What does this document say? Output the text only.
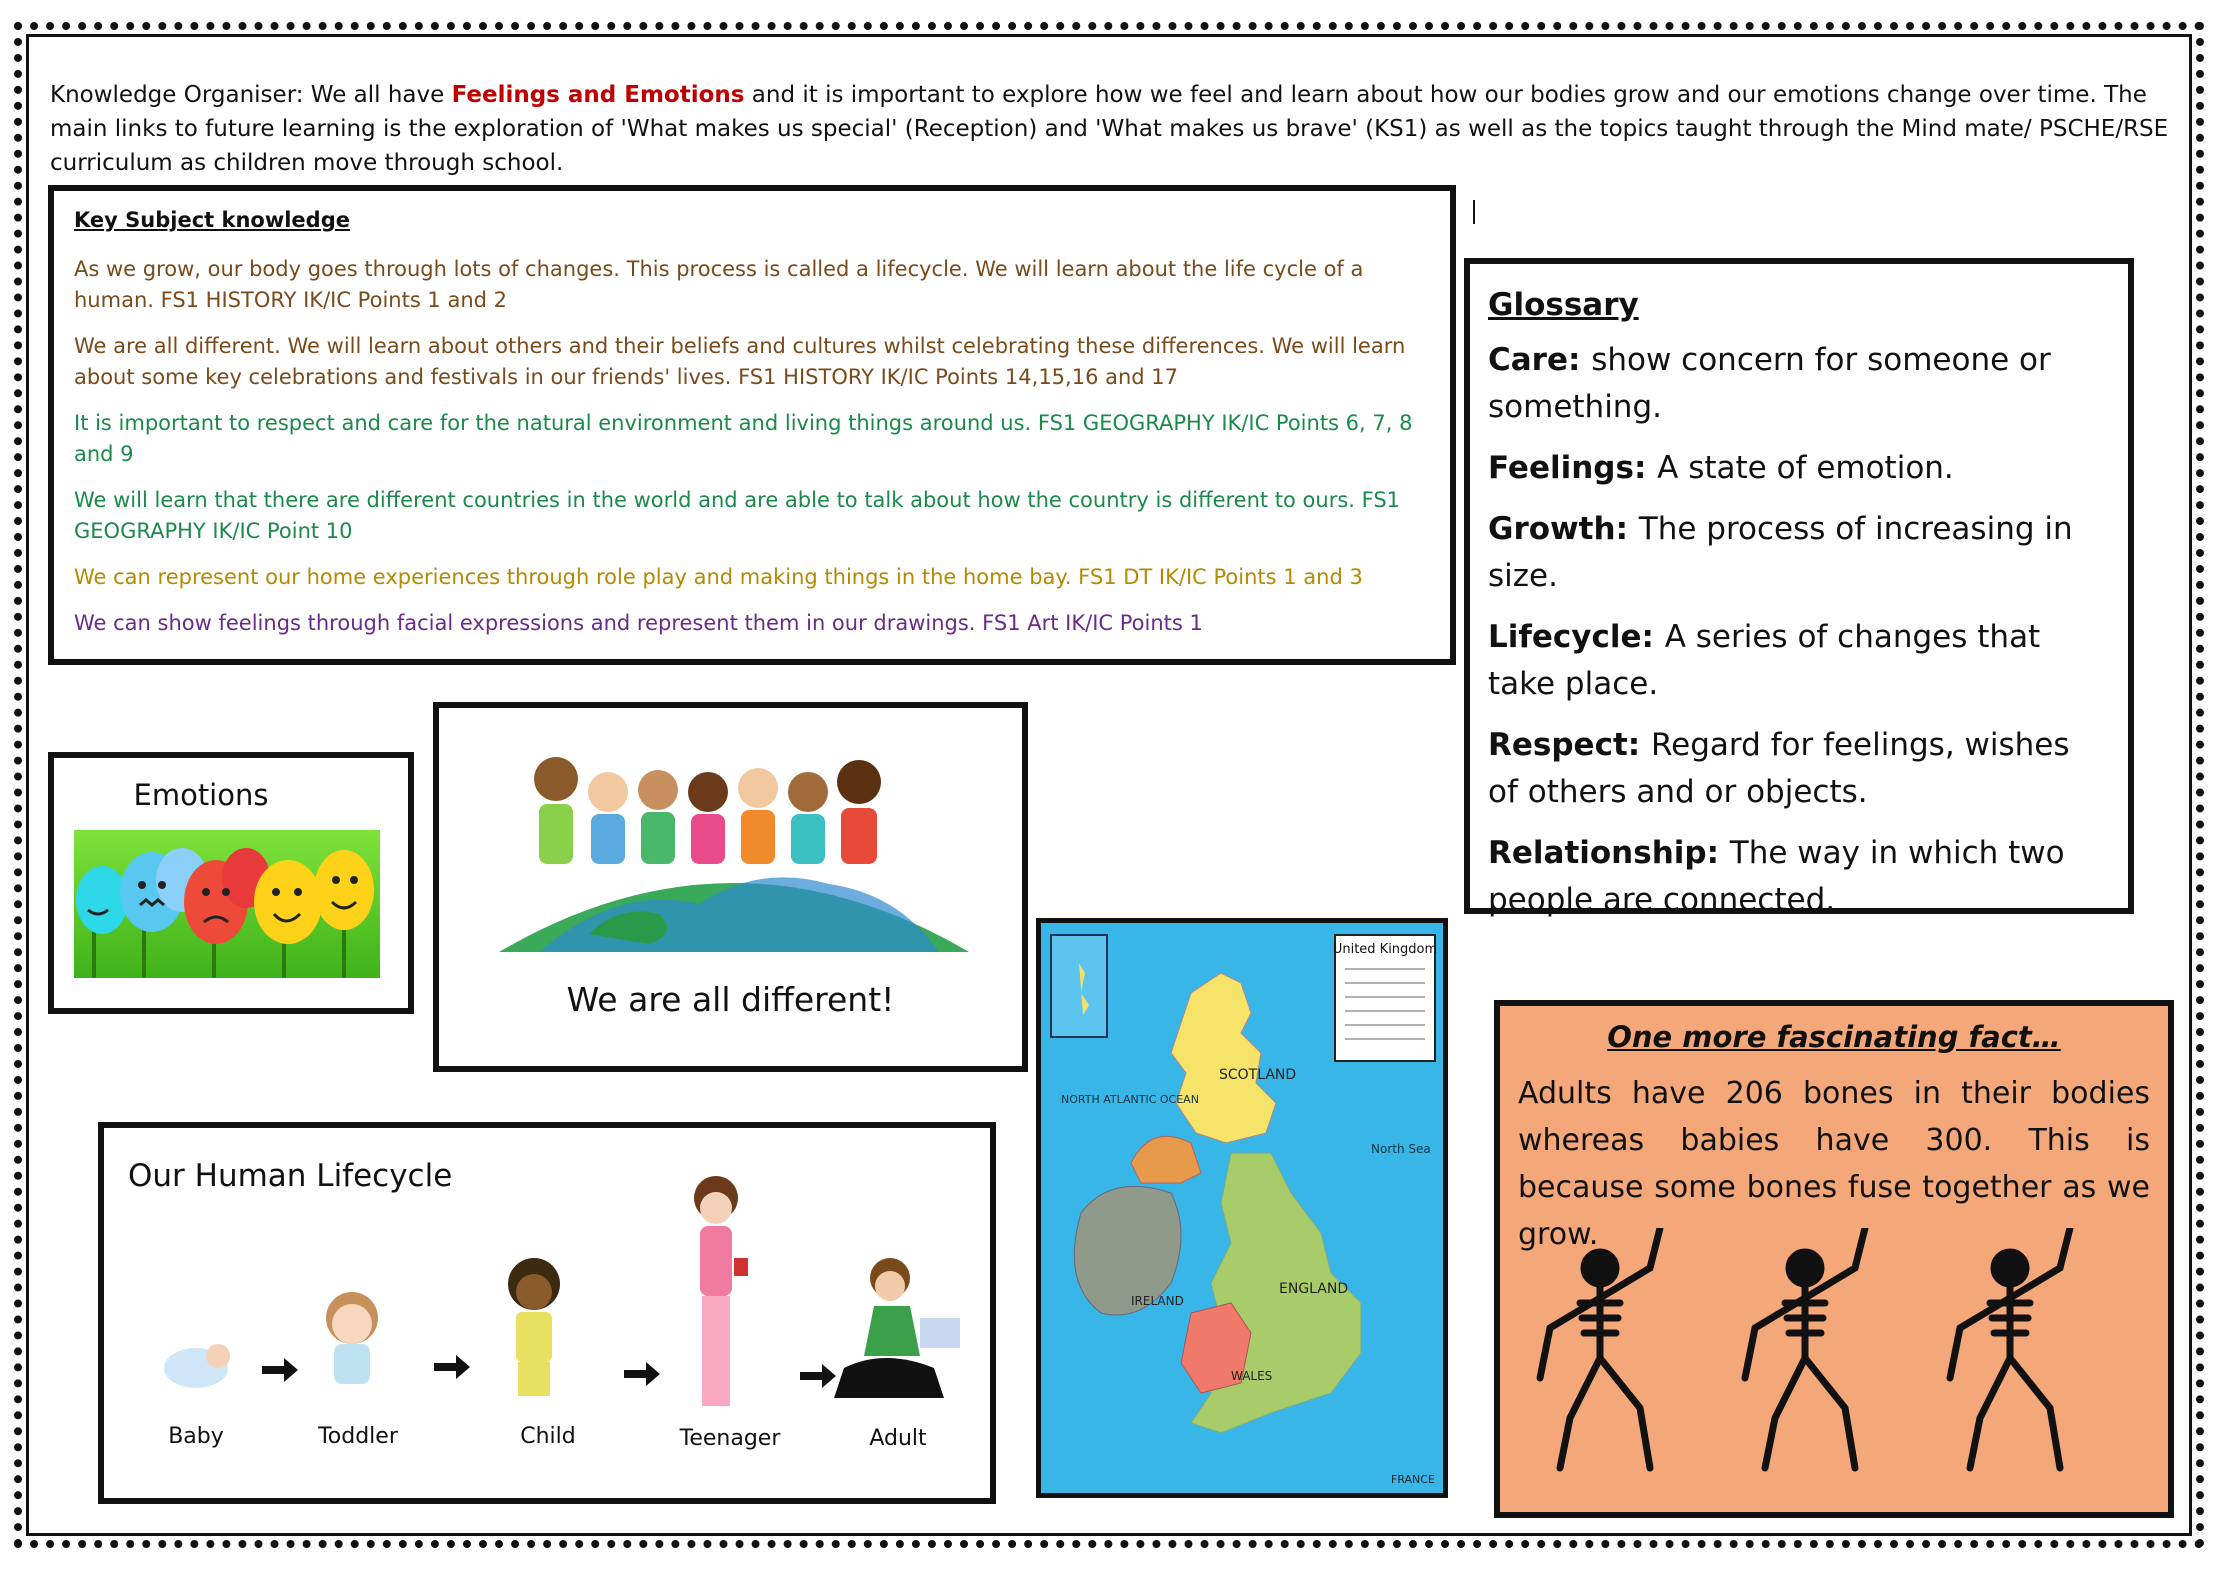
Knowledge Organiser: We all have Feelings and Emotions and it is important to explore how we feel and learn about how our bodies grow and our emotions change over time. The main links to future learning is the exploration of 'What makes us special' (Reception) and 'What makes us brave' (KS1) as well as the topics taught through the Mind mate/ PSCHE/RSE curriculum as children move through school.

Key Subject knowledge

As we grow, our body goes through lots of changes. This process is called a lifecycle. We will learn about the life cycle of a human. FS1 HISTORY IK/IC Points 1 and 2

We are all different. We will learn about others and their beliefs and cultures whilst celebrating these differences. We will learn about some key celebrations and festivals in our friends' lives. FS1 HISTORY IK/IC Points 14,15,16 and 17

It is important to respect and care for the natural environment and living things around us. FS1 GEOGRAPHY IK/IC Points 6, 7, 8 and 9

We will learn that there are different countries in the world and are able to talk about how the country is different to ours. FS1 GEOGRAPHY IK/IC Point 10

We can represent our home experiences through role play and making things in the home bay. FS1 DT IK/IC Points 1 and 3

We can show feelings through facial expressions and represent them in our drawings. FS1 Art IK/IC Points 1

Glossary
Care: show concern for someone or something.
Feelings: A state of emotion.
Growth: The process of increasing in size.
Lifecycle: A series of changes that take place.
Respect: Regard for feelings, wishes of others and or objects.
Relationship: The way in which two people are connected.
Emotions
We are all different!
United Kingdom
SCOTLAND
ENGLAND
WALES
IRELAND
NORTH ATLANTIC OCEAN
North Sea
FRANCE
One more fascinating fact…
Adults have 206 bones in their bodies whereas babies have 300. This is because some bones fuse together as we grow.
Our Human Lifecycle
Baby	Toddler	Child	Teenager	Adult
